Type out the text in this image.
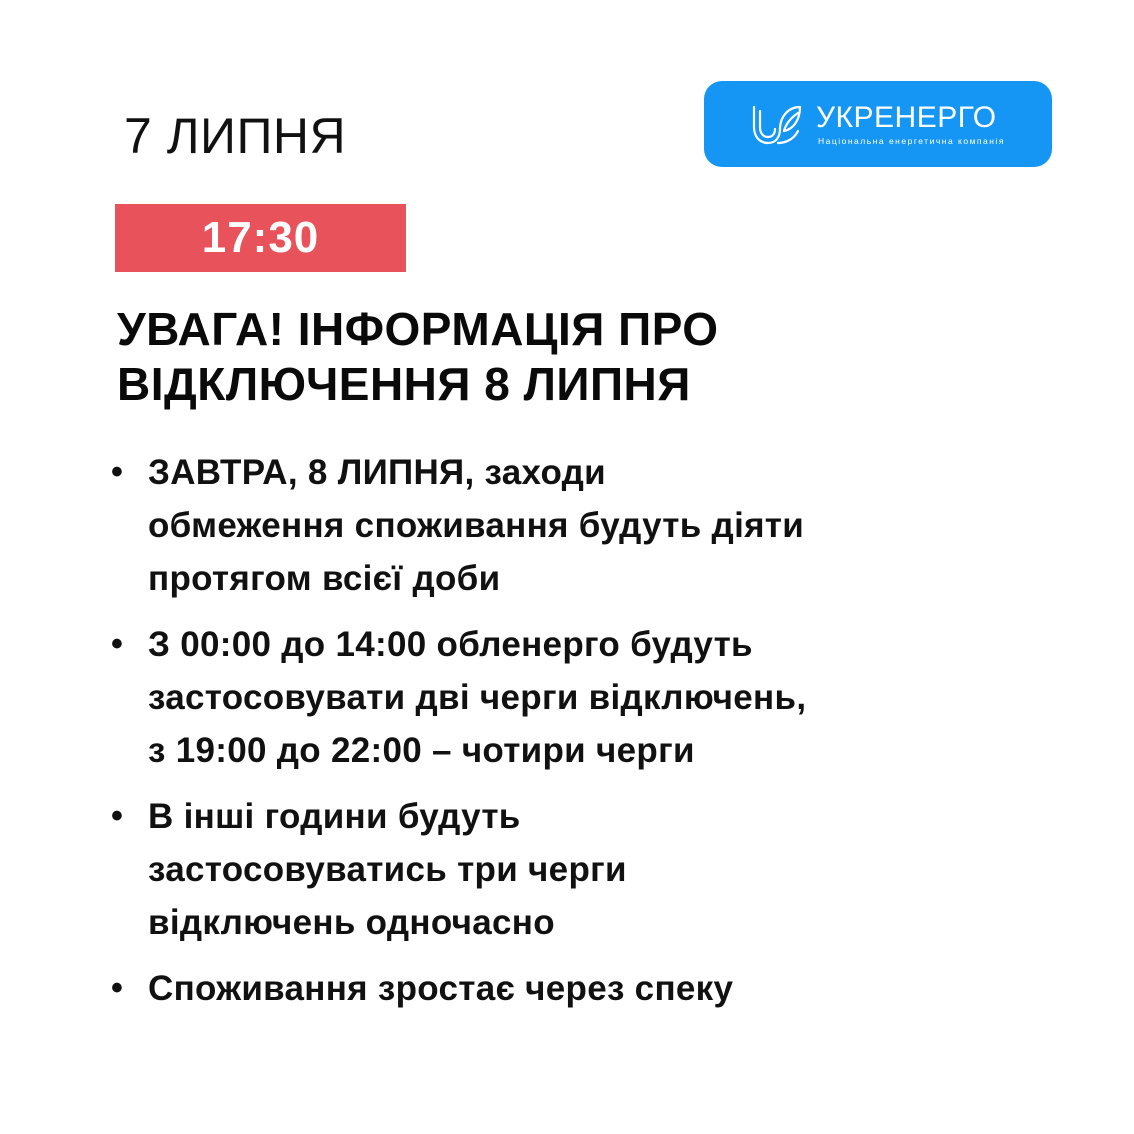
7 ЛИПНЯ	УКРЕНЕРГО
Національна енергетична компанія
17:30
УВАГА! ІНФОРМАЦІЯ ПРО
ВІДКЛЮЧЕННЯ 8 ЛИПНЯ
• ЗАВТРА, 8 ЛИПНЯ, заходи
обмеження споживання будуть діяти
протягом всієї доби
• З 00:00 до 14:00 обленерго будуть
застосовувати дві черги відключень,
з 19:00 до 22:00 – чотири черги
• В інші години будуть
застосовуватись три черги
відключень одночасно
• Споживання зростає через спеку
